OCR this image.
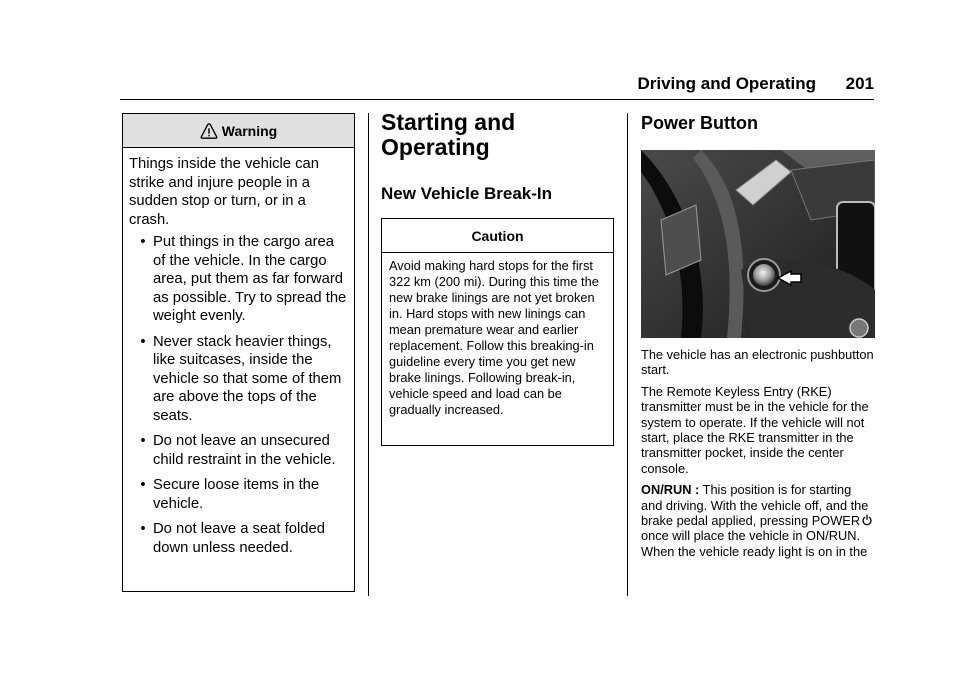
Driving and Operating 201
Warning

Things inside the vehicle can strike and injure people in a sudden stop or turn, or in a crash.

• Put things in the cargo area of the vehicle. In the cargo area, put them as far forward as possible. Try to spread the weight evenly.
• Never stack heavier things, like suitcases, inside the vehicle so that some of them are above the tops of the seats.
• Do not leave an unsecured child restraint in the vehicle.
• Secure loose items in the vehicle.
• Do not leave a seat folded down unless needed.
Starting and Operating
New Vehicle Break-In
Caution

Avoid making hard stops for the first 322 km (200 mi). During this time the new brake linings are not yet broken in. Hard stops with new linings can mean premature wear and earlier replacement. Follow this breaking-in guideline every time you get new brake linings. Following break-in, vehicle speed and load can be gradually increased.

Power Button

The vehicle has an electronic pushbutton start.

The Remote Keyless Entry (RKE) transmitter must be in the vehicle for the system to operate. If the vehicle will not start, place the RKE transmitter in the transmitter pocket, inside the center console.

ON/RUN : This position is for starting and driving. With the vehicle off, and the brake pedal applied, pressing POWERonce will place the vehicle in ON/RUN. When the vehicle ready light is on in the
